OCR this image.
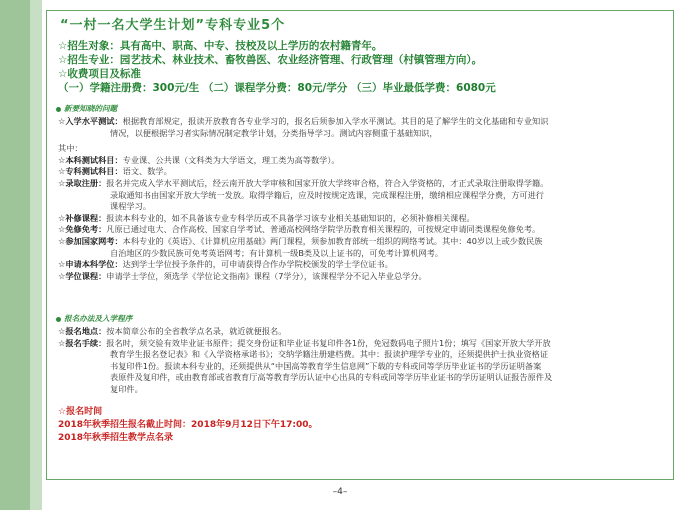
“一村一名大学生计划”专科专业5个
☆招生对象：具有高中、职高、中专、技校及以上学历的农村籍青年。
☆招生专业：园艺技术、林业技术、畜牧兽医、农业经济管理、行政管理（村镇管理方向）。
☆收费项目及标准
（一）学籍注册费：300元/生 （二）课程学分费：80元/学分 （三）毕业最低学费：6080元
新要知晓的问题
☆入学水平测试：根据教育部规定，报读开放教育各专业学习的，报名后须参加入学水平测试。其目的是了解学生的文化基础和专业知识
情况，以便根据学习者实际情况制定教学计划，分类指导学习。测试内容侧重于基础知识，
其中：
☆本科测试科目：专业课、公共课（文科类为大学语文，理工类为高等数学）。
☆专科测试科目：语文、数学。
☆录取注册：报名并完成入学水平测试后，经云南开放大学审核和国家开放大学终审合格，符合入学资格的，才正式录取注册取得学籍。
录取通知书由国家开放大学统一发放。取得学籍后，应及时按规定选课，完成课程注册，缴纳相应课程学分费，方可进行
课程学习。
☆补修课程：报读本科专业的，如不具备该专业专科学历或不具备学习该专业相关基础知识的，必须补修相关课程。
☆免修免考：凡原已通过电大、合作高校、国家自学考试、普通高校网络学院学历教育相关课程的，可按规定申请同类课程免修免考。
☆参加国家网考：本科专业的《英语》、《计算机应用基础》两门课程，须参加教育部统一组织的网络考试。其中：40岁以上或少数民族
自治地区的少数民族可免考英语网考；有计算机一级B类及以上证书的，可免考计算机网考。
☆申请本科学位：达到学士学位授予条件的，可申请获得合作办学院校颁发的学士学位证书。
☆学位课程：申请学士学位，须选学《学位论文指南》课程（7学分），该课程学分不记入毕业总学分。
报名办法及入学程序
☆报名地点：按本简章公布的全省教学点名录，就近就便报名。
☆报名手续：报名时，须交验有效毕业证书原件；提交身份证和毕业证书复印件各1份，免冠数码电子照片1份；填写《国家开放大学开放
教育学生报名登记表》和《入学资格承诺书》；交纳学籍注册建档费。其中：报读护理学专业的，还须提供护士执业资格证
书复印件1份。报读本科专业的，还须提供从“中国高等教育学生信息网”下载的专科或同等学历毕业证书的学历证明备案
表原件及复印件，或由教育部或省教育厅高等教育学历认证中心出具的专科或同等学历毕业证书的学历证明认证报告原件及
复印件。
☆报名时间
2018年秋季招生报名截止时间：2018年9月12日下午17:00。
2018年秋季招生教学点名录
–4–
